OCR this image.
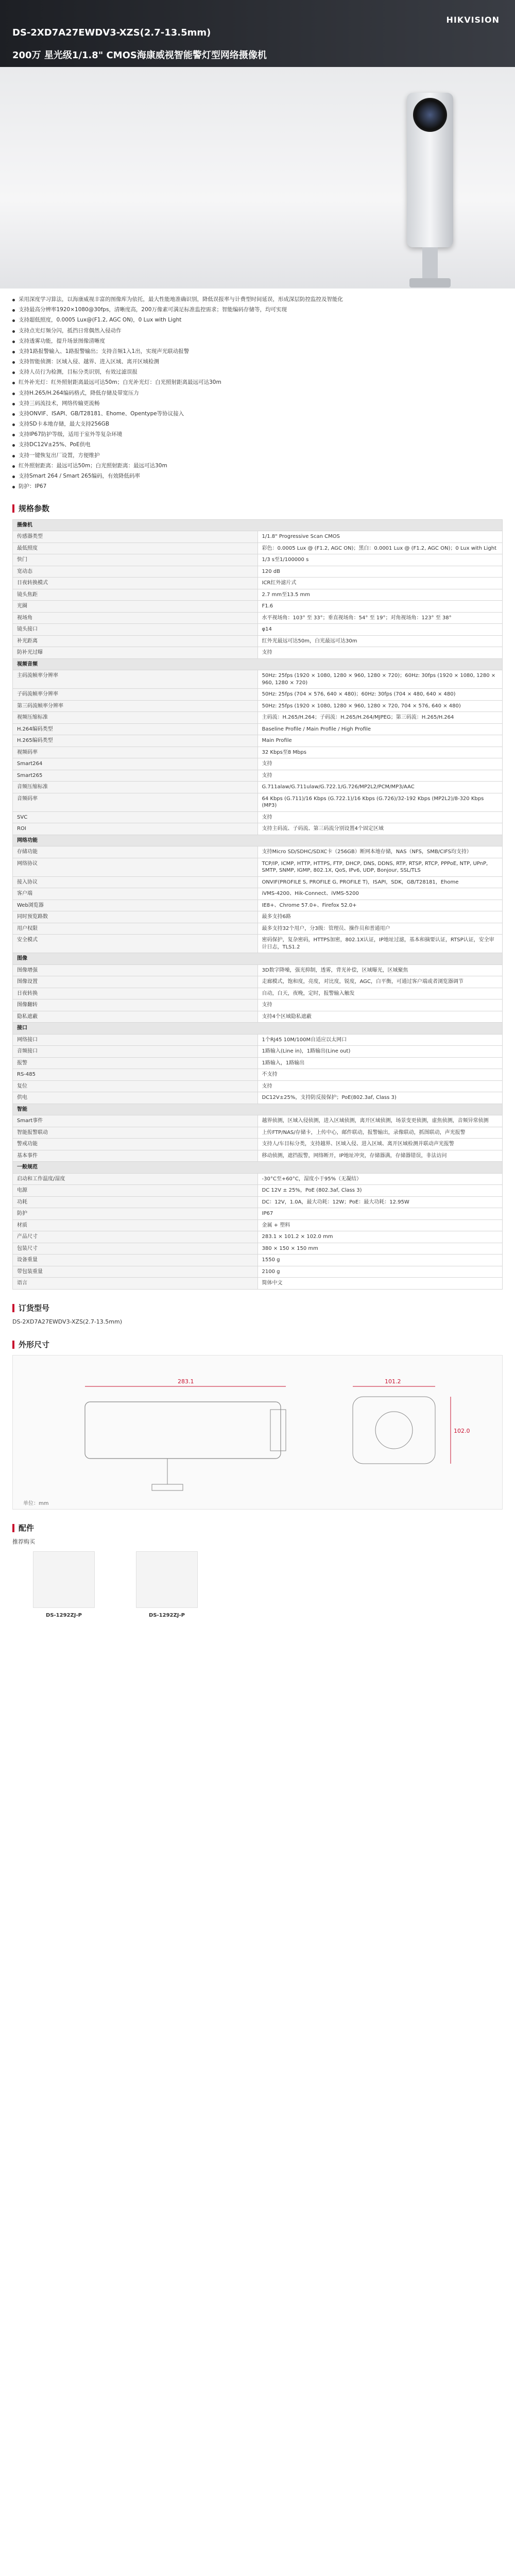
DS-2XD7A27EWDV3-XZS(2.7-13.5mm)
200万 星光级1/1.8" CMOS海康威视智能警灯型网络摄像机
HIKVISION
采用深度学习算法，以海康威视丰富的图像库为依托，最大性能地准确识别，降低误报率与计费型时间延误，形成深层防控监控及智能化
支持最高分辨率1920×1080@30fps，清晰度高，200万像素可满足标准监控需求；智能编码存储等，均可实现
支持超低照度，0.0005 Lux@(F1.2, AGC ON)，0 Lux with Light
支持点光灯频分闪，抵挡日常偶然入侵动作
支持透雾功能，提升场景图像清晰度
支持1路报警输入、1路报警输出；支持音频1入1出，实现声光联动报警
支持智能侦测：区域入侵、越界、进入区域、离开区域检测
支持人员行为检测，目标分类识别，有效过滤误报
红外补光灯：红外照射距离最远可达50m；白光补光灯：白光照射距离最远可达30m
支持H.265/H.264编码格式，降低存储及带宽压力
支持三码流技术，网络传输更流畅
支持ONVIF、ISAPI、GB/T28181、Ehome、Opentype等协议接入
支持SD卡本地存储，最大支持256GB
支持IP67防护等级，适用于室外等复杂环境
支持DC12V±25%、PoE供电
支持一键恢复出厂设置，方便维护
红外照射距离：最远可达50m；白光照射距离：最远可达30m
支持Smart 264 / Smart 265编码，有效降低码率
防护：IP67
规格参数
摄像机	
传感器类型	1/1.8" Progressive Scan CMOS
最低照度	彩色：0.0005 Lux @ (F1.2, AGC ON)；黑白：0.0001 Lux @ (F1.2, AGC ON)；0 Lux with Light
快门	1/3 s至1/100000 s
宽动态	120 dB
日夜转换模式	ICR红外滤片式
镜头焦距	2.7 mm至13.5 mm
光圈	F1.6
视场角	水平视场角：103° 至 33°；垂直视场角：54° 至 19°；对角视场角：123° 至 38°
镜头接口	φ14
补光距离	红外光最远可达50m，白光最远可达30m
防补光过曝	支持
视频音频	
主码流帧率分辨率	50Hz: 25fps (1920 × 1080, 1280 × 960, 1280 × 720)；60Hz: 30fps (1920 × 1080, 1280 × 960, 1280 × 720)
子码流帧率分辨率	50Hz: 25fps (704 × 576, 640 × 480)；60Hz: 30fps (704 × 480, 640 × 480)
第三码流帧率分辨率	50Hz: 25fps (1920 × 1080, 1280 × 960, 1280 × 720, 704 × 576, 640 × 480)
视频压缩标准	主码流：H.265/H.264；子码流：H.265/H.264/MJPEG；第三码流：H.265/H.264
H.264编码类型	Baseline Profile / Main Profile / High Profile
H.265编码类型	Main Profile
视频码率	32 Kbps至8 Mbps
Smart264	支持
Smart265	支持
音频压缩标准	G.711alaw/G.711ulaw/G.722.1/G.726/MP2L2/PCM/MP3/AAC
音频码率	64 Kbps (G.711)/16 Kbps (G.722.1)/16 Kbps (G.726)/32-192 Kbps (MP2L2)/8-320 Kbps (MP3)
SVC	支持
ROI	支持主码流、子码流、第三码流分别设置4个固定区域
网络功能	
存储功能	支持Micro SD/SDHC/SDXC卡（256GB）断网本地存储，NAS（NFS，SMB/CIFS均支持）
网络协议	TCP/IP, ICMP, HTTP, HTTPS, FTP, DHCP, DNS, DDNS, RTP, RTSP, RTCP, PPPoE, NTP, UPnP, SMTP, SNMP, IGMP, 802.1X, QoS, IPv6, UDP, Bonjour, SSL/TLS
接入协议	ONVIF(PROFILE S, PROFILE G, PROFILE T)，ISAPI，SDK，GB/T28181，Ehome
客户端	iVMS-4200、Hik-Connect、iVMS-5200
Web浏览器	IE8+、Chrome 57.0+、Firefox 52.0+
同时预览路数	最多支持6路
用户权限	最多支持32个用户，分3级：管理员、操作员和普通用户
安全模式	密码保护，复杂密码，HTTPS加密，802.1X认证，IP地址过滤，基本和摘要认证，RTSP认证，安全审计日志，TLS1.2
图像	
图像增强	3D数字降噪，强光抑制，透雾，背光补偿，区域曝光，区域聚焦
图像设置	走廊模式，饱和度，亮度，对比度，锐度，AGC，白平衡，可通过客户端或者浏览器调节
日夜转换	自动，白天，夜晚，定时，报警输入触发
图像翻转	支持
隐私遮蔽	支持4个区域隐私遮蔽
接口	
网络接口	1个RJ45 10M/100M自适应以太网口
音频接口	1路输入(Line in)，1路输出(Line out)
报警	1路输入，1路输出
RS-485	不支持
复位	支持
供电	DC12V±25%，支持防反接保护；PoE(802.3af, Class 3)
智能	
Smart事件	越界侦测，区域入侵侦测，进入区域侦测，离开区域侦测，场景变更侦测，虚焦侦测，音频异常侦测
智能报警联动	上传FTP/NAS/存储卡，上传中心，邮件联动，报警输出，录像联动，抓图联动，声光报警
警戒功能	支持人/车目标分类，支持越界、区域入侵、进入区域、离开区域检测并联动声光报警
基本事件	移动侦测，遮挡报警，网络断开，IP地址冲突，存储器满，存储器错误，非法访问
一般规范	
启动和工作温度/湿度	-30°C至+60°C，湿度小于95%（无凝结）
电源	DC 12V ± 25%，PoE (802.3af, Class 3)
功耗	DC：12V，1.0A，最大功耗：12W；PoE：最大功耗：12.95W
防护	IP67
材质	金属 + 塑料
产品尺寸	283.1 × 101.2 × 102.0 mm
包装尺寸	380 × 150 × 150 mm
设备重量	1550 g
带包装重量	2100 g
语言	简体中文
订货型号
DS-2XD7A27EWDV3-XZS(2.7-13.5mm)
外形尺寸
283.1	101.2
102.0
单位：mm
配件
推荐购买
DS-1292ZJ-P	DS-1292ZJ-P
